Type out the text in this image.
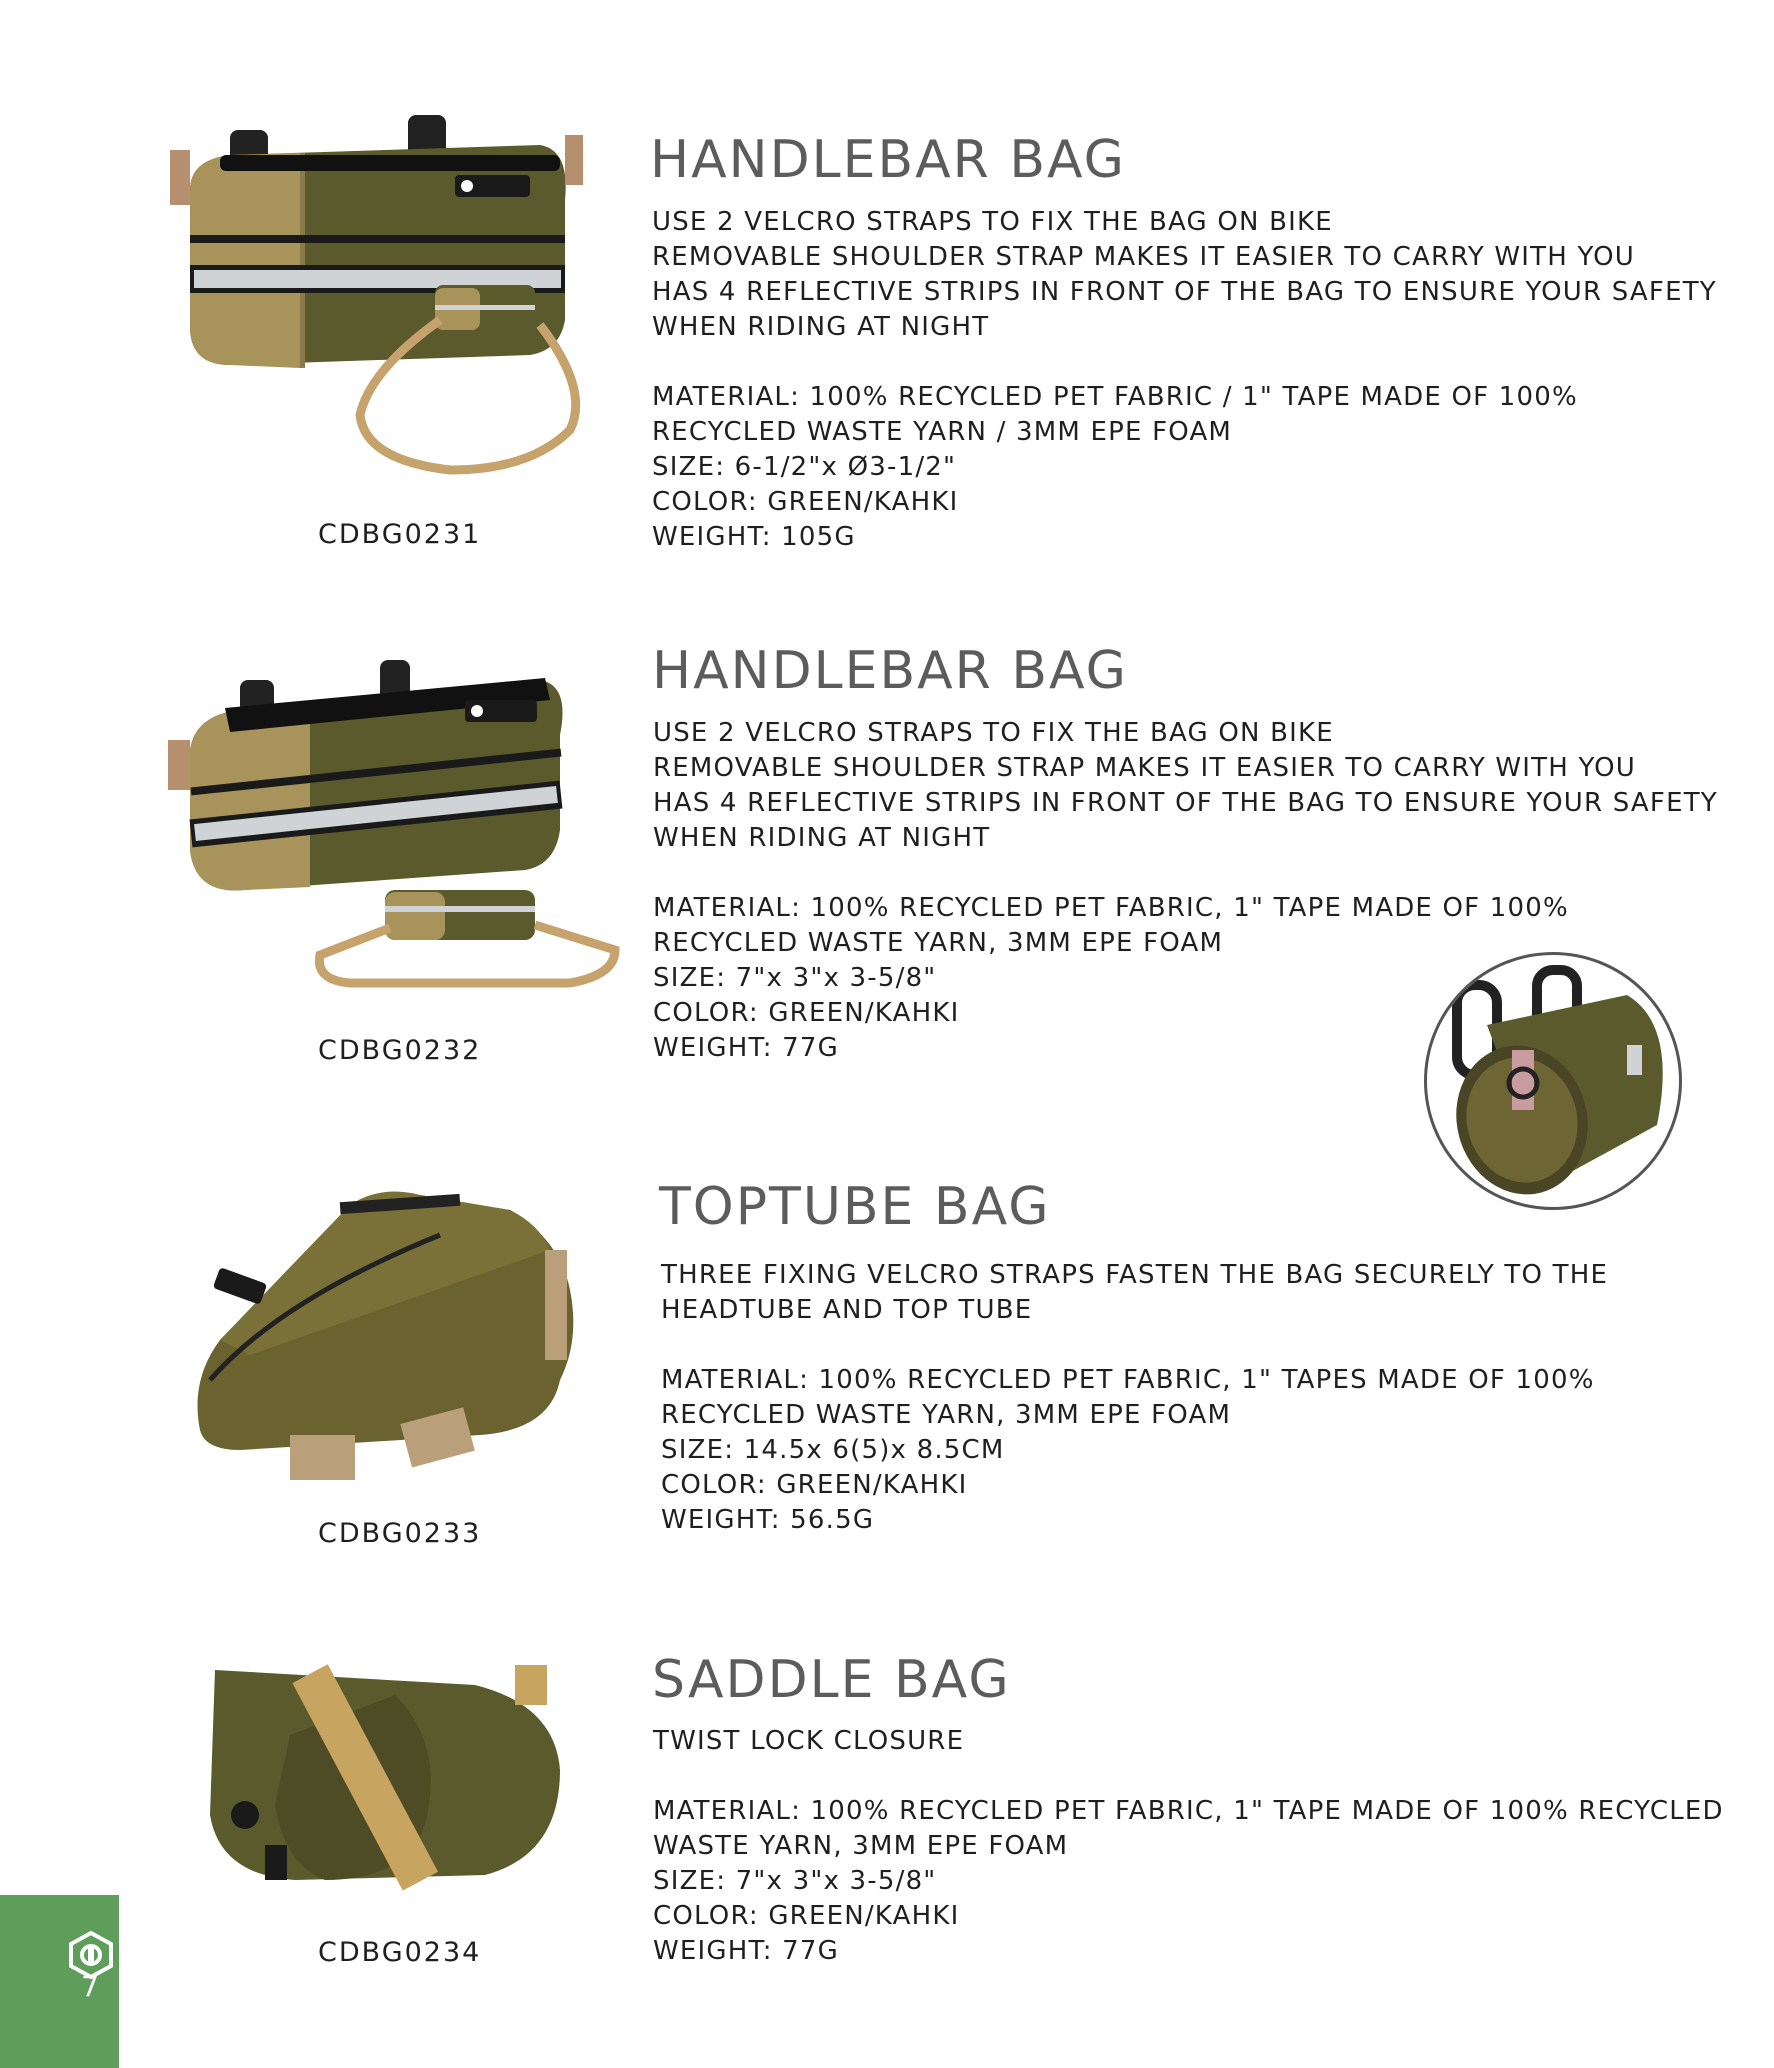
HANDLEBAR BAG
USE 2 VELCRO STRAPS TO FIX THE BAG ON BIKE
REMOVABLE SHOULDER STRAP MAKES IT EASIER TO CARRY WITH YOU
HAS 4 REFLECTIVE STRIPS IN FRONT OF THE BAG TO ENSURE YOUR SAFETY
WHEN RIDING AT NIGHT
MATERIAL: 100% RECYCLED PET FABRIC / 1" TAPE MADE OF 100%
RECYCLED WASTE YARN / 3MM EPE FOAM
SIZE: 6-1/2"x Ø3-1/2"
COLOR: GREEN/KAHKI
WEIGHT: 105G
CDBG0231
HANDLEBAR BAG
USE 2 VELCRO STRAPS TO FIX THE BAG ON BIKE
REMOVABLE SHOULDER STRAP MAKES IT EASIER TO CARRY WITH YOU
HAS 4 REFLECTIVE STRIPS IN FRONT OF THE BAG TO ENSURE YOUR SAFETY
WHEN RIDING AT NIGHT
MATERIAL: 100% RECYCLED PET FABRIC, 1" TAPE MADE OF 100%
RECYCLED WASTE YARN, 3MM EPE FOAM
SIZE: 7"x 3"x 3-5/8"
COLOR: GREEN/KAHKI
WEIGHT: 77G
CDBG0232
TOPTUBE BAG
THREE FIXING VELCRO STRAPS FASTEN THE BAG SECURELY TO THE
HEADTUBE AND TOP TUBE
MATERIAL: 100% RECYCLED PET FABRIC, 1" TAPES MADE OF 100%
RECYCLED WASTE YARN, 3MM EPE FOAM
SIZE: 14.5x 6(5)x 8.5CM
COLOR: GREEN/KAHKI
WEIGHT: 56.5G
CDBG0233
SADDLE BAG
TWIST LOCK CLOSURE
MATERIAL: 100% RECYCLED PET FABRIC, 1" TAPE MADE OF 100% RECYCLED
WASTE YARN, 3MM EPE FOAM
SIZE: 7"x 3"x 3-5/8"
COLOR: GREEN/KAHKI
WEIGHT: 77G
CDBG0234
7
